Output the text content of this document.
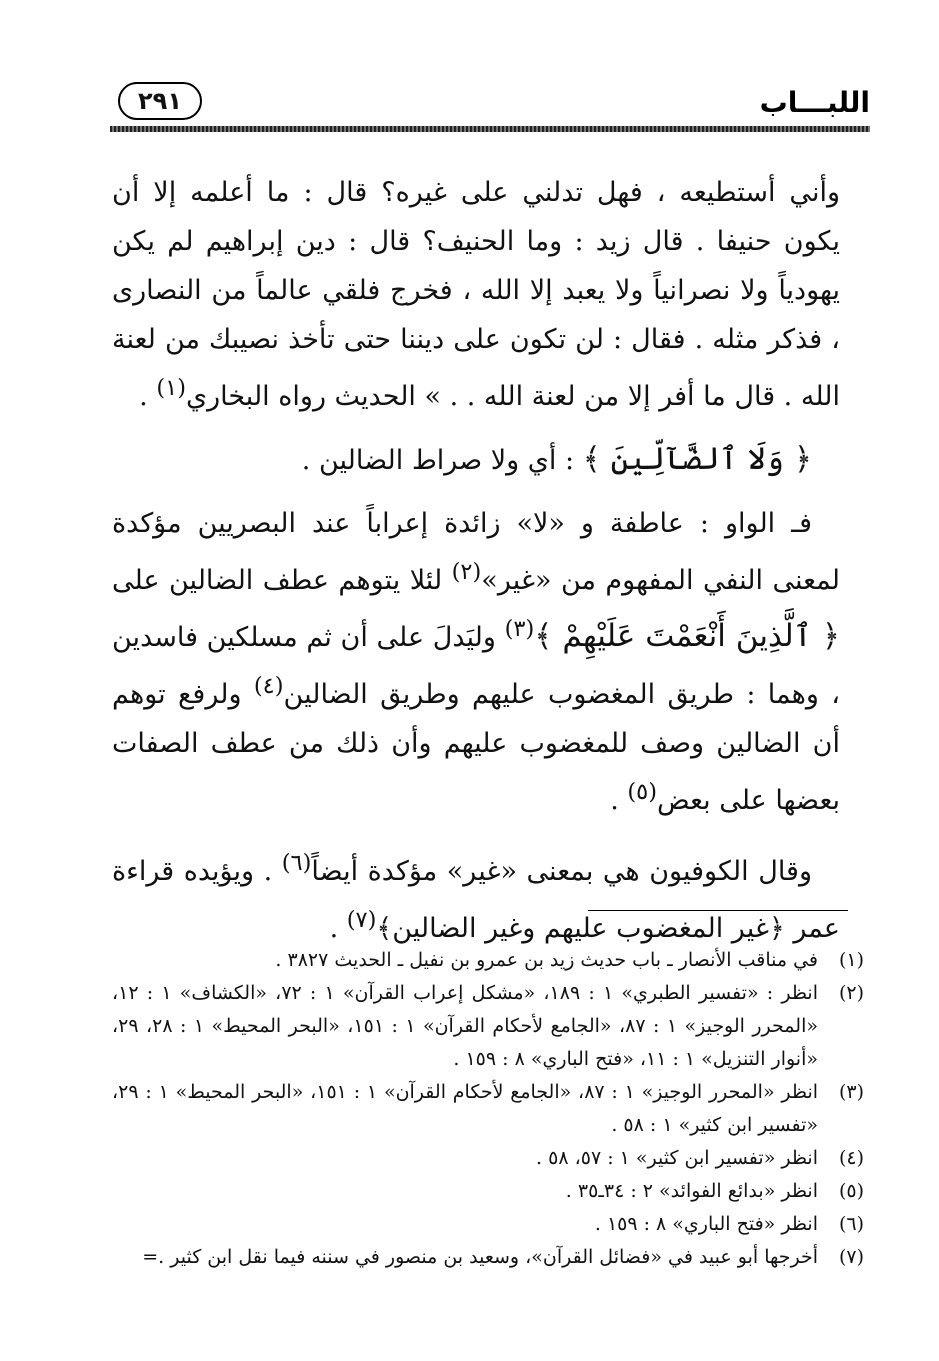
اللبـــاب
٢٩١

وأني أستطيعه ، فهل تدلني على غيره؟ قال : ما أعلمه إلا أن يكون حنيفا . قال زيد : وما الحنيف؟ قال : دين إبراهيم لم يكن يهودياً ولا نصرانياً ولا يعبد إلا الله ، فخرج فلقي عالماً من النصارى ، فذكر مثله . فقال : لن تكون على ديننا حتى تأخذ نصيبك من لعنة الله . قال ما أفر إلا من لعنة الله . . » الحديث رواه البخاري$^{(١)}$ .

﴿ وَلَا ٱلضَّآلِّينَ ﴾ : أي ولا صراط الضالين .

فـ الواو : عاطفة و «لا» زائدة إعراباً عند البصريين مؤكدة لمعنى النفي المفهوم من «غير»$^{(٢)}$ لئلا يتوهم عطف الضالين على ﴿ ٱلَّذِينَ أَنْعَمْتَ عَلَيْهِمْ ﴾$^{(٣)}$ وليَدلَ على أن ثم مسلكين فاسدين ، وهما : طريق المغضوب عليهم وطريق الضالين$^{(٤)}$ ولرفع توهم أن الضالين وصف للمغضوب عليهم وأن ذلك من عطف الصفات بعضها على بعض$^{(٥)}$ .

وقال الكوفيون هي بمعنى «غير» مؤكدة أيضاً$^{(٦)}$ . ويؤيده قراءة عمر ﴿غير المغضوب عليهم وغير الضالين﴾$^{(٧)}$ .

(١)
في مناقب الأنصار ـ باب حديث زيد بن عمرو بن نفيل ـ الحديث ٣٨٢٧ .
(٢)
انظر : «تفسير الطبري» ١ : ١٨٩، «مشكل إعراب القرآن» ١ : ٧٢، «الكشاف» ١ : ١٢، «المحرر الوجيز» ١ : ٨٧، «الجامع لأحكام القرآن» ١ : ١٥١، «البحر المحيط» ١ : ٢٨، ٢٩، «أنوار التنزيل» ١ : ١١، «فتح الباري» ٨ : ١٥٩ .
(٣)
انظر «المحرر الوجيز» ١ : ٨٧، «الجامع لأحكام القرآن» ١ : ١٥١، «البحر المحيط» ١ : ٢٩، «تفسير ابن كثير» ١ : ٥٨ .
(٤)
انظر «تفسير ابن كثير» ١ : ٥٧، ٥٨ .
(٥)
انظر «بدائع الفوائد» ٢ : ٣٤ـ٣٥ .
(٦)
انظر «فتح الباري» ٨ : ١٥٩ .
(٧)
أخرجها أبو عبيد في «فضائل القرآن»، وسعيد بن منصور في سننه فيما نقل ابن كثير .=
